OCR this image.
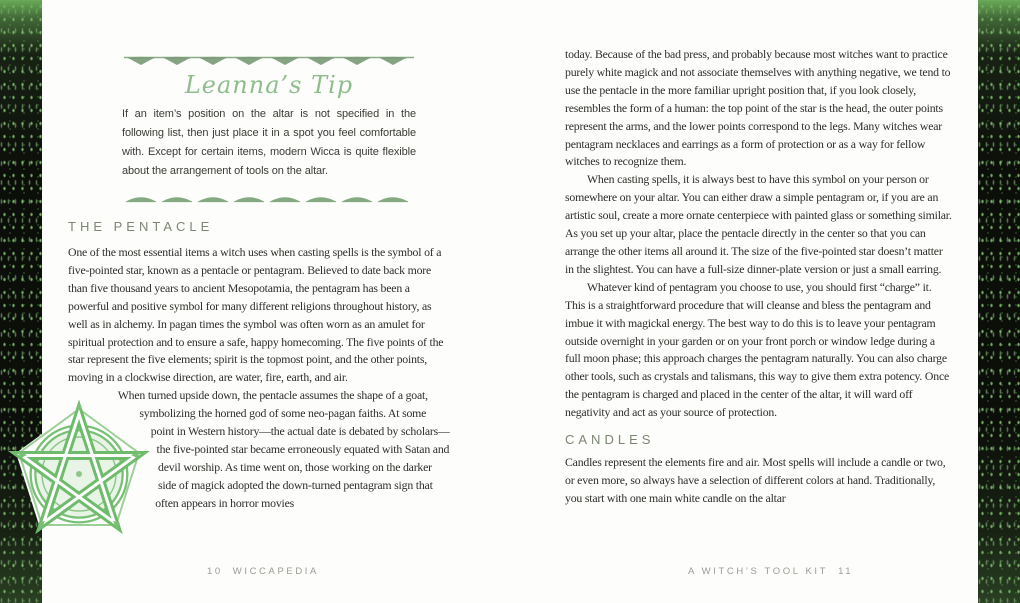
Leanna’s Tip
If an item’s position on the altar is not specified in the following list, then just place it in a spot you feel comfortable with. Except for certain items, modern Wicca is quite flexible about the arrangement of tools on the altar.
THE PENTACLE

One of the most essential items a witch uses when casting spells is the symbol of a five-pointed star, known as a pentacle or pentagram. Believed to date back more than five thousand years to ancient Mesopotamia, the pentagram has been a powerful and positive symbol for many different religions throughout history, as well as in alchemy. In pagan times the symbol was often worn as an amulet for spiritual protection and to ensure a safe, happy homecoming. The five points of the star represent the five elements; spirit is the topmost point, and the other points, moving in a clockwise direction, are water, fire, earth, and air.

When turned upside down, the pentacle assumes the shape of a goat, symbolizing the horned god of some neo-pagan faiths. At some point in Western history—the actual date is debated by scholars—the five-pointed star became erroneously equated with Satan and devil worship. As time went on, those working on the darker side of magick adopted the down-turned pentagram sign that often appears in horror movies

10 WICCAPEDIA

today. Because of the bad press, and probably because most witches want to practice purely white magick and not associate themselves with anything negative, we tend to use the pentacle in the more familiar upright position that, if you look closely, resembles the form of a human: the top point of the star is the head, the outer points represent the arms, and the lower points correspond to the legs. Many witches wear pentagram necklaces and earrings as a form of protection or as a way for fellow witches to recognize them.

When casting spells, it is always best to have this symbol on your person or somewhere on your altar. You can either draw a simple pentagram or, if you are an artistic soul, create a more ornate centerpiece with painted glass or something similar. As you set up your altar, place the pentacle directly in the center so that you can arrange the other items all around it. The size of the five-pointed star doesn’t matter in the slightest. You can have a full-size dinner-plate version or just a small earring.

Whatever kind of pentagram you choose to use, you should first “charge” it. This is a straightforward procedure that will cleanse and bless the pentagram and imbue it with magickal energy. The best way to do this is to leave your pentagram outside overnight in your garden or on your front porch or window ledge during a full moon phase; this approach charges the pentagram naturally. You can also charge other tools, such as crystals and talismans, this way to give them extra potency. Once the pentagram is charged and placed in the center of the altar, it will ward off negativity and act as your source of protection.

CANDLES

Candles represent the elements fire and air. Most spells will include a candle or two, or even more, so always have a selection of different colors at hand. Traditionally, you start with one main white candle on the altar

A WITCH’S TOOL KIT 11
